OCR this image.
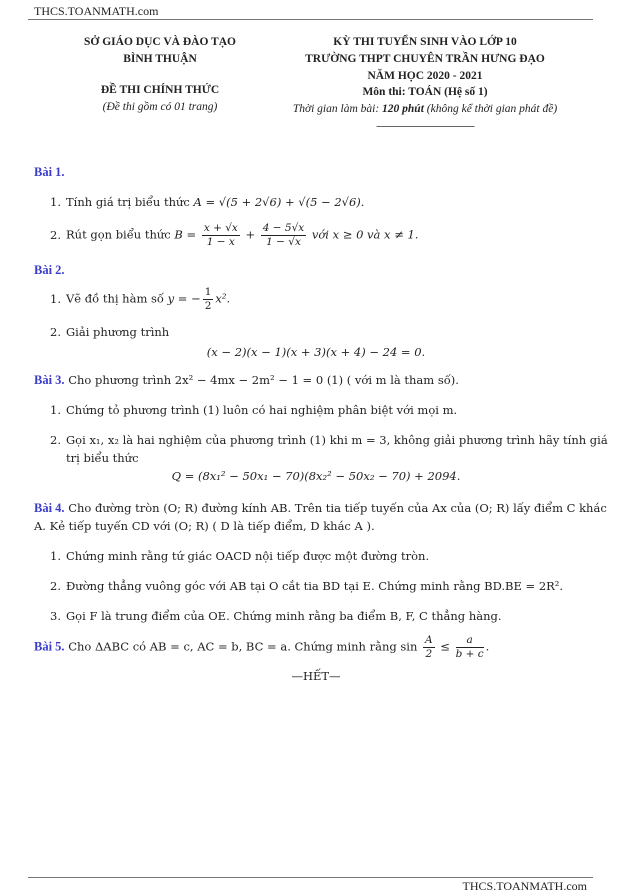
THCS.TOANMATH.com
SỞ GIÁO DỤC VÀ ĐÀO TẠO
BÌNH THUẬN
ĐỀ THI CHÍNH THỨC
(Đề thi gồm có 01 trang)
KỲ THI TUYỂN SINH VÀO LỚP 10
TRƯỜNG THPT CHUYÊN TRẦN HƯNG ĐẠO
NĂM HỌC 2020 - 2021
Môn thi: TOÁN (Hệ số 1)
Thời gian làm bài: 120 phút (không kể thời gian phát đề)
------------------------------------------
Bài 1.
1. Tính giá trị biểu thức A = √(5 + 2√6) + √(5 − 2√6).
2. Rút gọn biểu thức $B = \frac{x + √x}{1 - x} + \frac{4 - 5√x}{1 - √x}$ với x ≥ 0 và x ≠ 1.
Bài 2.
1. Vẽ đồ thị hàm số y = − $\frac{1}{2} x^2$.
2. Giải phương trình
(x − 2)(x − 1)(x + 3)(x + 4) − 24 = 0.
Bài 3. Cho phương trình 2x² − 4mx − 2m² − 1 = 0 (1) ( với m là tham số).
1. Chứng tỏ phương trình (1) luôn có hai nghiệm phân biệt với mọi m.
2. Gọi x₁, x₂ là hai nghiệm của phương trình (1) khi m = 3, không giải phương trình hãy tính giá
trị biểu thức
Q = (8x₁² − 50x₁ − 70)(8x₂² − 50x₂ − 70) + 2094.
Bài 4. Cho đường tròn (O; R) đường kính AB. Trên tia tiếp tuyến của Ax của (O; R) lấy điểm C khác
A. Kẻ tiếp tuyến CD với (O; R) ( D là tiếp điểm, D khác A ).
1. Chứng minh rằng tứ giác OACD nội tiếp được một đường tròn.
2. Đường thẳng vuông góc với AB tại O cắt tia BD tại E. Chứng minh rằng BD.BE = 2R².
3. Gọi F là trung điểm của OE. Chứng minh rằng ba điểm B, F, C thẳng hàng.
Bài 5. Cho ΔABC có AB = c, AC = b, BC = a. Chứng minh rằng $\sin \frac{A}{2} \le \frac{a}{b + c}$ .
—HẾT—
THCS.TOANMATH.com
